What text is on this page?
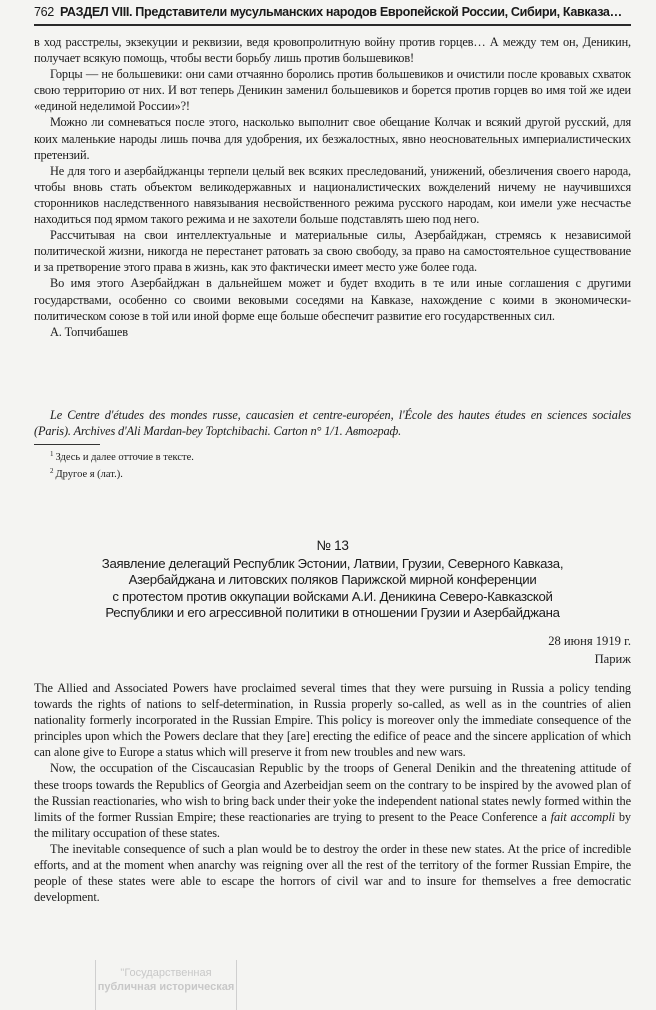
762 РАЗДЕЛ VIII. Представители мусульманских народов Европейской России, Сибири, Кавказа…

в ход расстрелы, экзекуции и реквизии, ведя кровопролитную войну против горцев… А между тем он, Деникин, получает всякую помощь, чтобы вести борьбу лишь против большевиков!

Горцы — не большевики: они сами отчаянно боролись против большевиков и очистили после кровавых схваток свою территорию от них. И вот теперь Деникин заменил большевиков и борется против горцев во имя той же идеи «единой неделимой России»?!

Можно ли сомневаться после этого, насколько выполнит свое обещание Колчак и всякий другой русский, для коих маленькие народы лишь почва для удобрения, их безжалостных, явно неосновательных империалистических претензий.

Не для того и азербайджанцы терпели целый век всяких преследований, унижений, обезличения своего народа, чтобы вновь стать объектом великодержавных и националистических вожделений ничему не научившихся сторонников наследственного навязывания несвойственного режима русского народам, кои имели уже несчастье находиться под ярмом такого режима и не захотели больше подставлять шею под него.

Рассчитывая на свои интеллектуальные и материальные силы, Азербайджан, стремясь к независимой политической жизни, никогда не перестанет ратовать за свою свободу, за право на самостоятельное существование и за претворение этого права в жизнь, как это фактически имеет место уже более года.

Во имя этого Азербайджан в дальнейшем может и будет входить в те или иные соглашения с другими государствами, особенно со своими вековыми соседями на Кавказе, нахождение с коими в экономически-политическом союзе в той или иной форме еще больше обеспечит развитие его государственных сил.

А. Топчибашев

Le Centre d'études des mondes russe, caucasien et centre-européen, l'École des hautes études en sciences sociales (Paris). Archives d'Ali Mardan-bey Toptchibachi. Carton n° 1/1. Автограф.
$^1$ Здесь и далее отточие в тексте.
$^2$ Другое я (лат.).
№ 13
Заявление делегаций Республик Эстонии, Латвии, Грузии, Северного Кавказа,
Азербайджана и литовских поляков Парижской мирной конференции
с протестом против оккупации войсками А.И. Деникина Северо-Кавказской
Республики и его агрессивной политики в отношении Грузии и Азербайджана
28 июня 1919 г.
Париж

The Allied and Associated Powers have proclaimed several times that they were pursuing in Russia a policy tending towards the rights of nations to self-determination, in Russia properly so-called, as well as in the countries of alien nationality formerly incorporated in the Russian Empire. This policy is moreover only the immediate consequence of the principles upon which the Powers declare that they [are] erecting the edifice of peace and the sincere application of which can alone give to Europe a status which will preserve it from new troubles and new wars.

Now, the occupation of the Ciscaucasian Republic by the troops of General Denikin and the threatening attitude of these troops towards the Republics of Georgia and Azerbeidjan seem on the contrary to be inspired by the avowed plan of the Russian reactionaries, who wish to bring back under their yoke the independent national states newly formed within the limits of the former Russian Empire; these reactionaries are trying to present to the Peace Conference a fait accompli by the military occupation of these states.

The inevitable consequence of such a plan would be to destroy the order in these new states. At the price of incredible efforts, and at the moment when anarchy was reigning over all the rest of the territory of the former Russian Empire, the people of these states were able to escape the horrors of civil war and to insure for themselves a free democratic development.

"Государственная
публичная историческая
